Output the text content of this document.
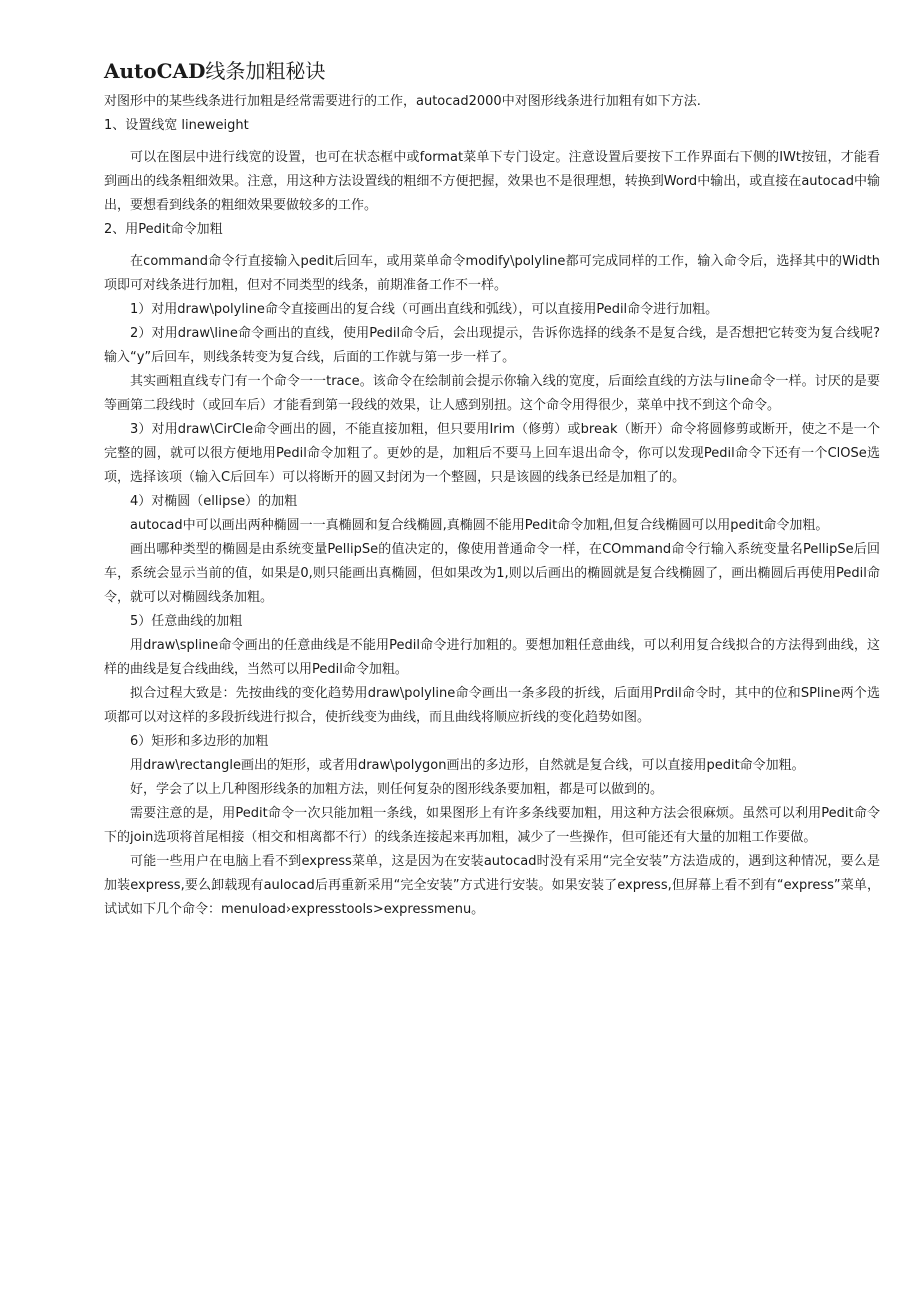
AutoCAD线条加粗秘诀

对图形中的某些线条进行加粗是经常需要进行的工作，autocad2000中对图形线条进行加粗有如下方法.

1、设置线宽 lineweight

可以在图层中进行线宽的设置，也可在状态框中或format菜单下专门设定。注意设置后要按下工作界面右下侧的IWt按钮，才能看到画出的线条粗细效果。注意，用这种方法设置线的粗细不方便把握，效果也不是很理想，转换到Word中输出，或直接在autocad中输出，要想看到线条的粗细效果要做较多的工作。

2、用Pedit命令加粗

在command命令行直接输入pedit后回车，或用菜单命令modify\polyline都可完成同样的工作，输入命令后，选择其中的Width项即可对线条进行加粗，但对不同类型的线条，前期准备工作不一样。

1）对用draw\polyline命令直接画出的复合线（可画出直线和弧线），可以直接用Pedil命令进行加粗。

2）对用draw\line命令画出的直线，使用Pedil命令后，会出现提示，告诉你选择的线条不是复合线，是否想把它转变为复合线呢?输入“y”后回车，则线条转变为复合线，后面的工作就与第一步一样了。

其实画粗直线专门有一个命令一一trace。该命令在绘制前会提示你输入线的宽度，后面绘直线的方法与line命令一样。讨厌的是要等画第二段线时（或回车后）才能看到第一段线的效果，让人感到别扭。这个命令用得很少，菜单中找不到这个命令。

3）对用draw\CirCle命令画出的圆，不能直接加粗，但只要用Irim（修剪）或break（断开）命令将圆修剪或断开，使之不是一个完整的圆，就可以很方便地用Pedil命令加粗了。更妙的是，加粗后不要马上回车退出命令，你可以发现Pedil命令下还有一个ClOSe选项，选择该项（输入C后回车）可以将断开的圆又封闭为一个整圆，只是该圆的线条已经是加粗了的。

4）对椭圆（ellipse）的加粗

autocad中可以画出两种椭圆一一真椭圆和复合线椭圆,真椭圆不能用Pedit命令加粗,但复合线椭圆可以用pedit命令加粗。

画出哪种类型的椭圆是由系统变量PellipSe的值决定的，像使用普通命令一样，在COmmand命令行输入系统变量名PellipSe后回车，系统会显示当前的值，如果是0,则只能画出真椭圆，但如果改为1,则以后画出的椭圆就是复合线椭圆了，画出椭圆后再使用Pedil命令，就可以对椭圆线条加粗。

5）任意曲线的加粗

用draw\spline命令画出的任意曲线是不能用Pedil命令进行加粗的。要想加粗任意曲线，可以利用复合线拟合的方法得到曲线，这样的曲线是复合线曲线，当然可以用Pedil命令加粗。

拟合过程大致是：先按曲线的变化趋势用draw\polyline命令画出一条多段的折线，后面用Prdil命令时，其中的位和SPline两个选项都可以对这样的多段折线进行拟合，使折线变为曲线，而且曲线将顺应折线的变化趋势如图。

6）矩形和多边形的加粗

用draw\rectangle画出的矩形，或者用draw\polygon画出的多边形，自然就是复合线，可以直接用pedit命令加粗。

好，学会了以上几种图形线条的加粗方法，则任何复杂的图形线条要加粗，都是可以做到的。

需要注意的是，用Pedit命令一次只能加粗一条线，如果图形上有许多条线要加粗，用这种方法会很麻烦。虽然可以利用Pedit命令下的join选项将首尾相接（相交和相离都不行）的线条连接起来再加粗，减少了一些操作，但可能还有大量的加粗工作要做。

可能一些用户在电脑上看不到express菜单，这是因为在安装autocad时没有采用“完全安装”方法造成的，遇到这种情况，要么是加装express,要么卸载现有aulocad后再重新采用“完全安装”方式进行安装。如果安装了express,但屏幕上看不到有“express”菜单，试试如下几个命令：menuload›expresstools>expressmenu。
